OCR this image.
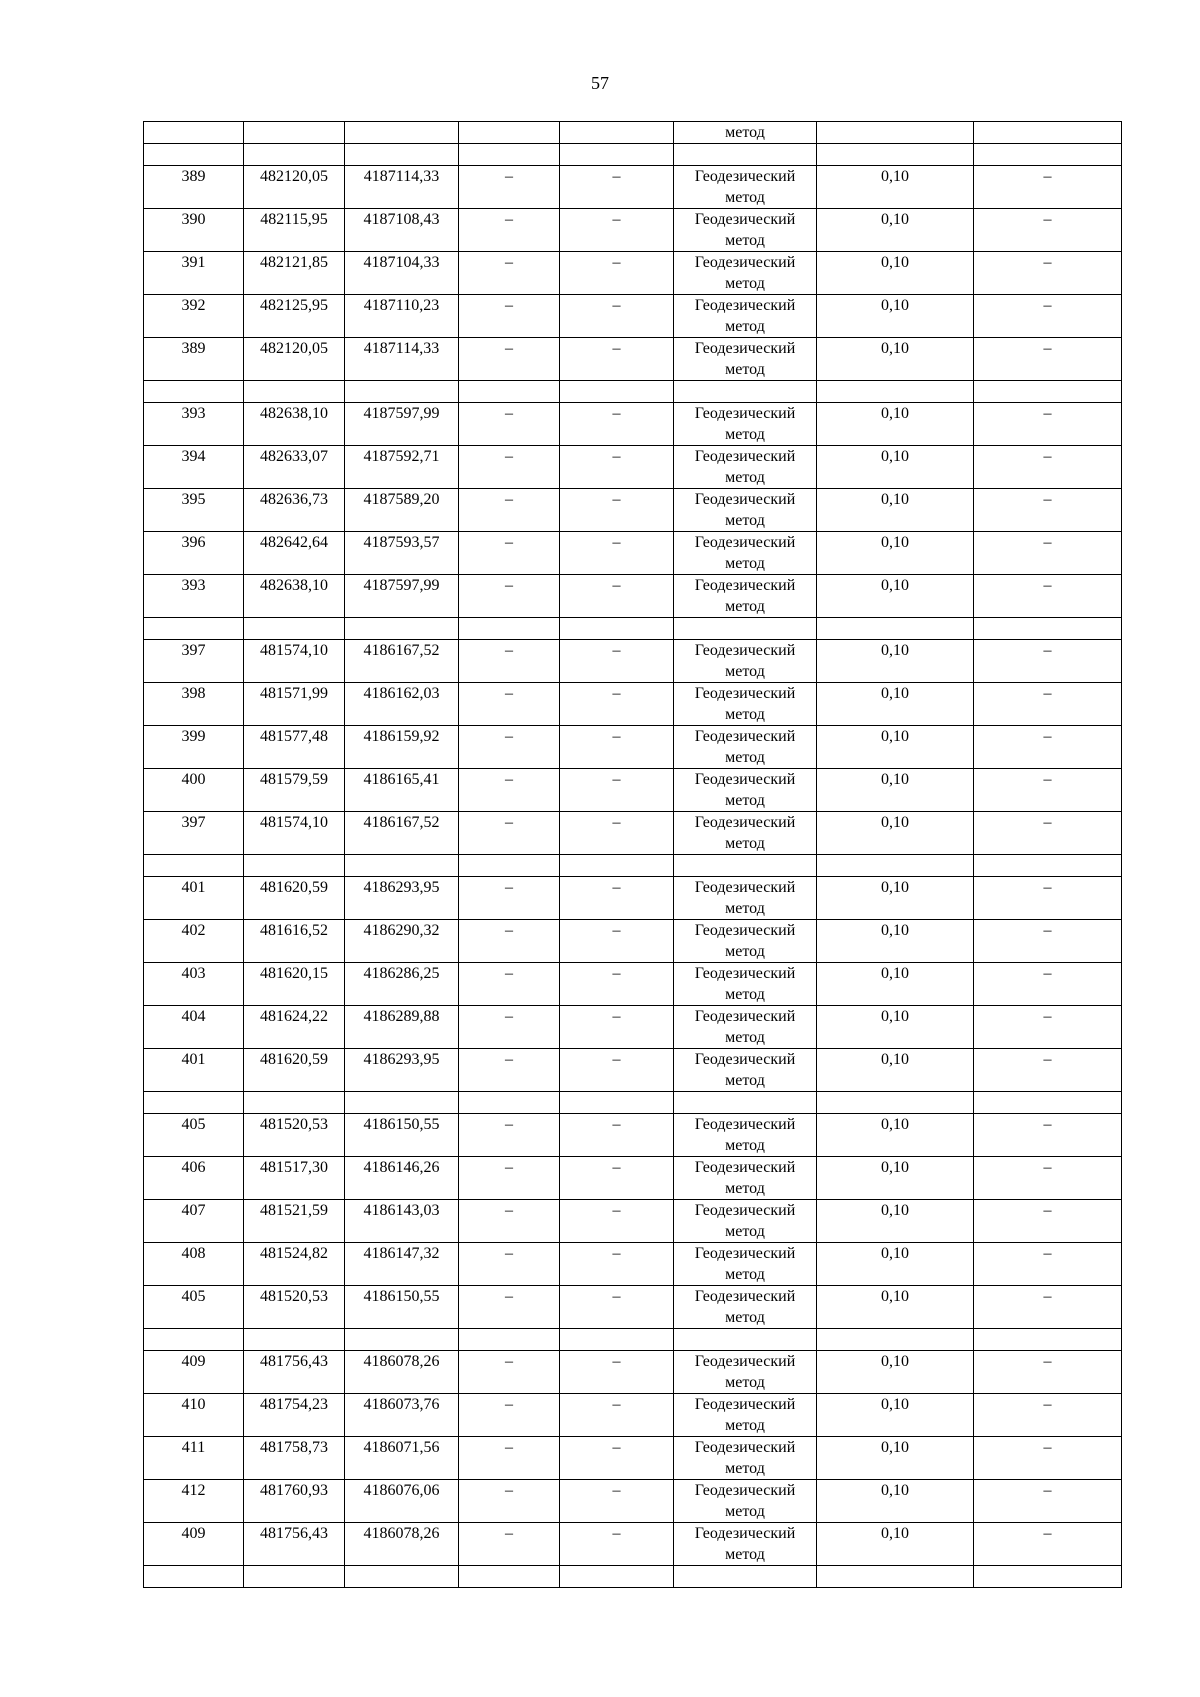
57
					метод		

389	482120,05	4187114,33	–	–	Геодезический метод	0,10	–
390	482115,95	4187108,43	–	–	Геодезический метод	0,10	–
391	482121,85	4187104,33	–	–	Геодезический метод	0,10	–
392	482125,95	4187110,23	–	–	Геодезический метод	0,10	–
389	482120,05	4187114,33	–	–	Геодезический метод	0,10	–

393	482638,10	4187597,99	–	–	Геодезический метод	0,10	–
394	482633,07	4187592,71	–	–	Геодезический метод	0,10	–
395	482636,73	4187589,20	–	–	Геодезический метод	0,10	–
396	482642,64	4187593,57	–	–	Геодезический метод	0,10	–
393	482638,10	4187597,99	–	–	Геодезический метод	0,10	–

397	481574,10	4186167,52	–	–	Геодезический метод	0,10	–
398	481571,99	4186162,03	–	–	Геодезический метод	0,10	–
399	481577,48	4186159,92	–	–	Геодезический метод	0,10	–
400	481579,59	4186165,41	–	–	Геодезический метод	0,10	–
397	481574,10	4186167,52	–	–	Геодезический метод	0,10	–

401	481620,59	4186293,95	–	–	Геодезический метод	0,10	–
402	481616,52	4186290,32	–	–	Геодезический метод	0,10	–
403	481620,15	4186286,25	–	–	Геодезический метод	0,10	–
404	481624,22	4186289,88	–	–	Геодезический метод	0,10	–
401	481620,59	4186293,95	–	–	Геодезический метод	0,10	–

405	481520,53	4186150,55	–	–	Геодезический метод	0,10	–
406	481517,30	4186146,26	–	–	Геодезический метод	0,10	–
407	481521,59	4186143,03	–	–	Геодезический метод	0,10	–
408	481524,82	4186147,32	–	–	Геодезический метод	0,10	–
405	481520,53	4186150,55	–	–	Геодезический метод	0,10	–

409	481756,43	4186078,26	–	–	Геодезический метод	0,10	–
410	481754,23	4186073,76	–	–	Геодезический метод	0,10	–
411	481758,73	4186071,56	–	–	Геодезический метод	0,10	–
412	481760,93	4186076,06	–	–	Геодезический метод	0,10	–
409	481756,43	4186078,26	–	–	Геодезический метод	0,10	–
